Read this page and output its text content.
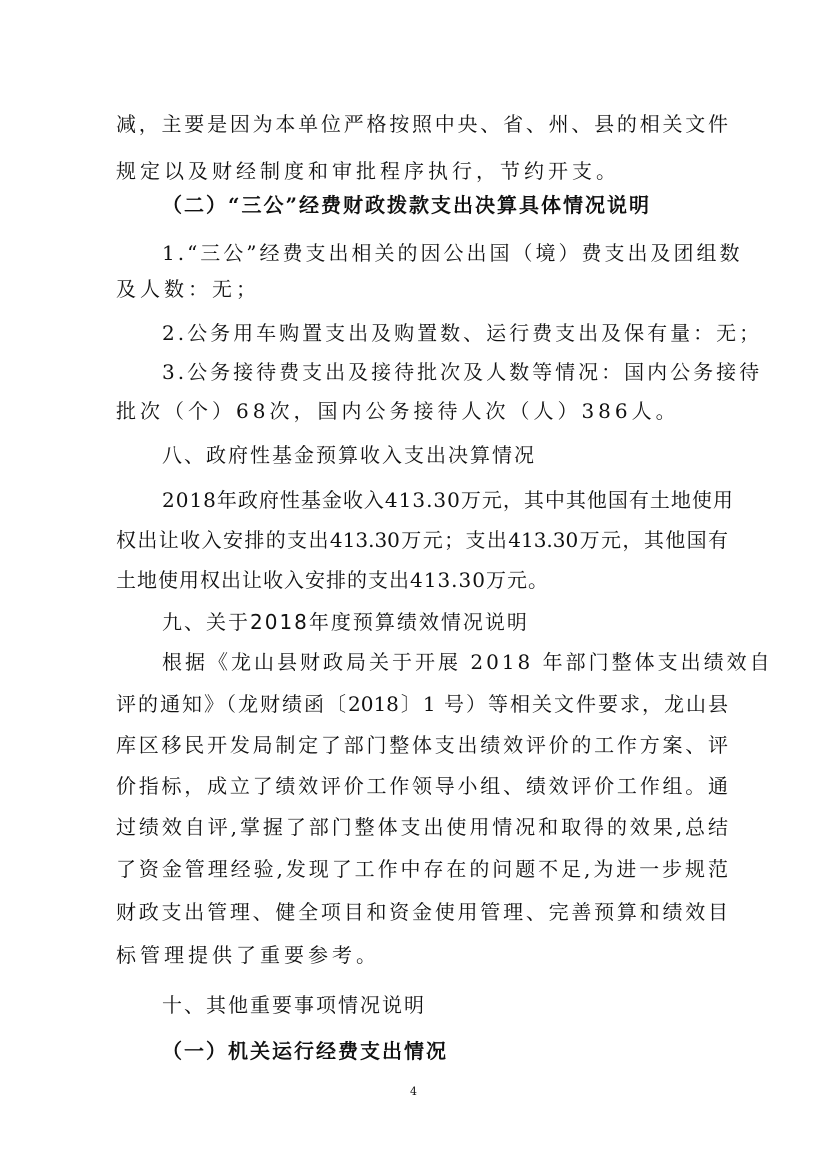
减，主要是因为本单位严格按照中央、省、州、县的相关文件
规定以及财经制度和审批程序执行，节约开支。
（二）“三公”经费财政拨款支出决算具体情况说明
1.“三公”经费支出相关的因公出国（境）费支出及团组数
及人数：无；
2.公务用车购置支出及购置数、运行费支出及保有量：无；
3.公务接待费支出及接待批次及人数等情况：国内公务接待
批次（个）68次，国内公务接待人次（人）386人。
八、政府性基金预算收入支出决算情况
2018年政府性基金收入413.30万元，其中其他国有土地使用
权出让收入安排的支出413.30万元；支出413.30万元，其他国有
土地使用权出让收入安排的支出413.30万元。
九、关于2018年度预算绩效情况说明
根据《龙山县财政局关于开展 2018 年部门整体支出绩效自
评的通知》（龙财绩函〔2018〕1 号）等相关文件要求，龙山县
库区移民开发局制定了部门整体支出绩效评价的工作方案、评
价指标，成立了绩效评价工作领导小组、绩效评价工作组。通
过绩效自评,掌握了部门整体支出使用情况和取得的效果,总结
了资金管理经验,发现了工作中存在的问题不足,为进一步规范
财政支出管理、健全项目和资金使用管理、完善预算和绩效目
标管理提供了重要参考。
十、其他重要事项情况说明
（一）机关运行经费支出情况
4
